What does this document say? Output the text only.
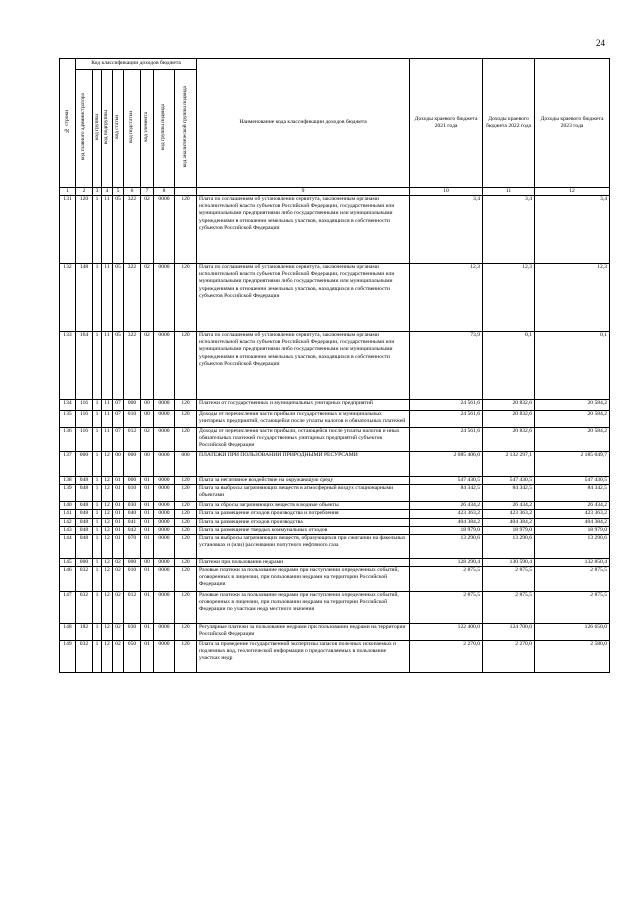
24
№ строки	Код классификации доходов бюджета								Наименование кода классификации доходов бюджета	Доходы краевого бюджета 2021 года	Доходы краевого бюджета 2022 года	Доходы краевого бюджета 2023 года
	код главного администратора	код группы	код подгруппы	код статьи	код подстатьи	код элемента	код группы подвида	код аналитической группы подвида				
1	2	3	4	5	6	7	8		9	10	11	12
131	120	1	11	05	322	02	0000	120	Плата по соглашениям об установлении сервитута, заключенным органами исполнительной власти субъектов Российской Федерации, государственными или муниципальными предприятиями либо государственными или муниципальными учреждениями в отношении земельных участков, находящихся в собственности субъектов Российской Федерации	3,4	3,4	3,4
132	148	1	11	05	322	02	0000	120	Плата по соглашениям об установлении сервитута, заключенным органами исполнительной власти субъектов Российской Федерации, государственными или муниципальными предприятиями либо государственными или муниципальными учреждениями в отношении земельных участков, находящихся в собственности субъектов Российской Федерации	12,3	12,3	12,3
133	164	1	11	05	322	02	0000	120	Плата по соглашениям об установлении сервитута, заключенным органами исполнительной власти субъектов Российской Федерации, государственными или муниципальными предприятиями либо государственными или муниципальными учреждениями в отношении земельных участков, находящихся в собственности субъектов Российской Федерации	73,9	0,1	0,1
134	116	1	11	07	000	00	0000	120	Платежи от государственных и муниципальных унитарных предприятий	24 561,6	20 832,6	20 584,2
135	116	1	11	07	010	00	0000	120	Доходы от перечисления части прибыли государственных и муниципальных унитарных предприятий, остающейся после уплаты налогов и обязательных платежей	24 561,6	20 832,6	20 584,2
136	116	1	11	07	012	02	0000	120	Доходы от перечисления части прибыли, остающейся после уплаты налогов и иных обязательных платежей государственных унитарных предприятий субъектов Российской Федерации	24 561,6	20 832,6	20 584,2
137	000	1	12	00	000	00	0000	000	ПЛАТЕЖИ ПРИ ПОЛЬЗОВАНИИ ПРИРОДНЫМИ РЕСУРСАМИ	2 085 406,0	2 132 297,1	2 185 049,7
138	048	1	12	01	000	01	0000	120	Плата за негативное воздействие на окружающую среду	547 430,5	547 430,5	547 430,5
139	048	1	12	01	010	01	0000	120	Плата за выбросы загрязняющих веществ в атмосферный воздух стационарными объектами	84 342,5	84 342,5	84 342,5
140	048	1	12	01	030	01	0000	120	Плата за сбросы загрязняющих веществ в водные объекты	26 434,2	26 434,2	26 434,2
141	048	1	12	01	040	01	0000	120	Плата за размещение отходов производства и потребления	423 363,2	423 363,2	423 363,2
142	048	1	12	01	041	01	0000	120	Плата за размещение отходов производства	404 384,2	404 384,2	404 384,2
143	048	1	12	01	042	01	0000	120	Плата за размещение твердых коммунальных отходов	18 979,0	18 979,0	18 979,0
144	048	1	12	01	070	01	0000	120	Плата за выбросы загрязняющих веществ, образующихся при сжигании на факельных установках и (или) рассеивании попутного нефтяного газа	13 290,6	13 290,6	13 290,6
145	000	1	12	02	000	00	0000	120	Платежи при пользовании недрами	128 290,4	130 590,4	132 850,4
146	032	1	12	02	010	01	0000	120	Разовые платежи за пользование недрами при наступлении определенных событий, оговоренных в лицензии, при пользовании недрами на территории Российской Федерации	2 875,5	2 875,5	2 875,5
147	032	1	12	02	012	01	0000	120	Разовые платежи за пользование недрами при наступлении определенных событий, оговоренных в лицензии, при пользовании недрами на территории Российской Федерации по участкам недр местного значения	2 875,5	2 875,5	2 875,5
148	182	1	12	02	030	01	0000	120	Регулярные платежи за пользование недрами при пользовании недрами на территории Российской Федерации	122 400,0	124 700,0	126 650,0
149	032	1	12	02	050	01	0000	120	Плата за проведение государственной экспертизы запасов полезных ископаемых и подземных вод, геологической информации о предоставляемых в пользование участках недр	2 270,0	2 270,0	2 580,0
